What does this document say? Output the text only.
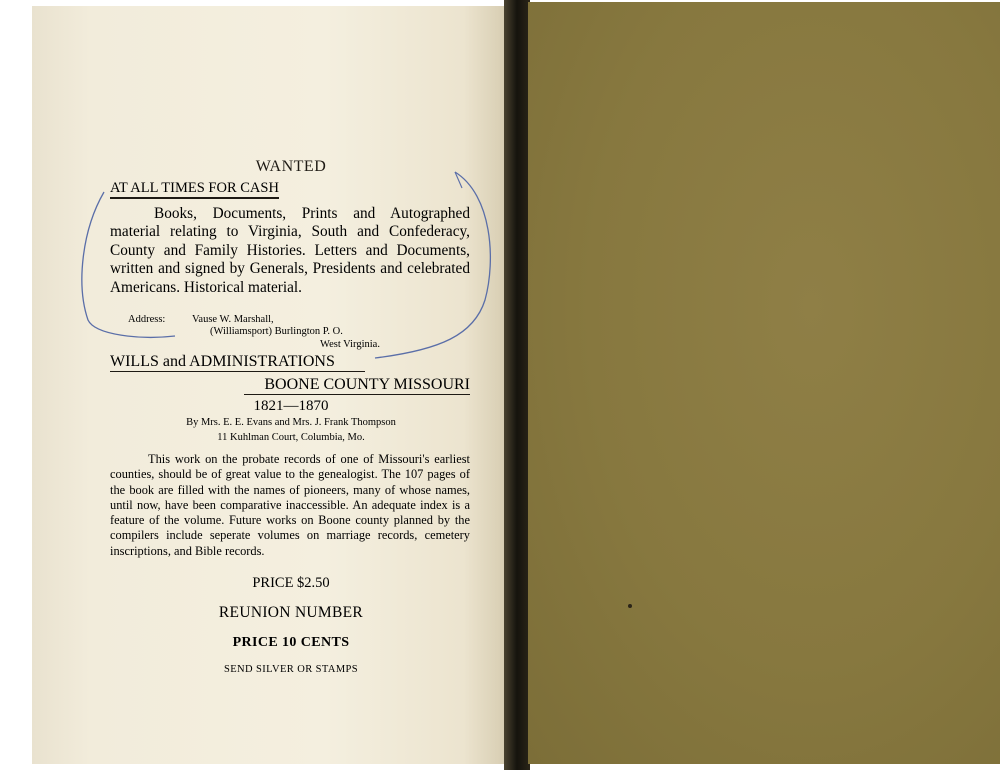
WANTED
AT ALL TIMES FOR CASH
Books, Documents, Prints and Autographed material relating to Virginia, South and Confederacy, County and Family Histories. Letters and Documents, written and signed by Generals, Presidents and celebrated Americans. Historical material.
Address:	Vause W. Marshall,
(Williamsport) Burlington P. O.
West Virginia.
WILLS and ADMINISTRATIONS
BOONE COUNTY MISSOURI
1821—1870
By Mrs. E. E. Evans and Mrs. J. Frank Thompson
11 Kuhlman Court, Columbia, Mo.
This work on the probate records of one of Missouri's earliest counties, should be of great value to the genealogist. The 107 pages of the book are filled with the names of pioneers, many of whose names, until now, have been comparative inaccessible. An adequate index is a feature of the volume. Future works on Boone county planned by the compilers include seperate volumes on marriage records, cemetery inscriptions, and Bible records.
PRICE $2.50
REUNION NUMBER
PRICE 10 CENTS
SEND SILVER OR STAMPS
